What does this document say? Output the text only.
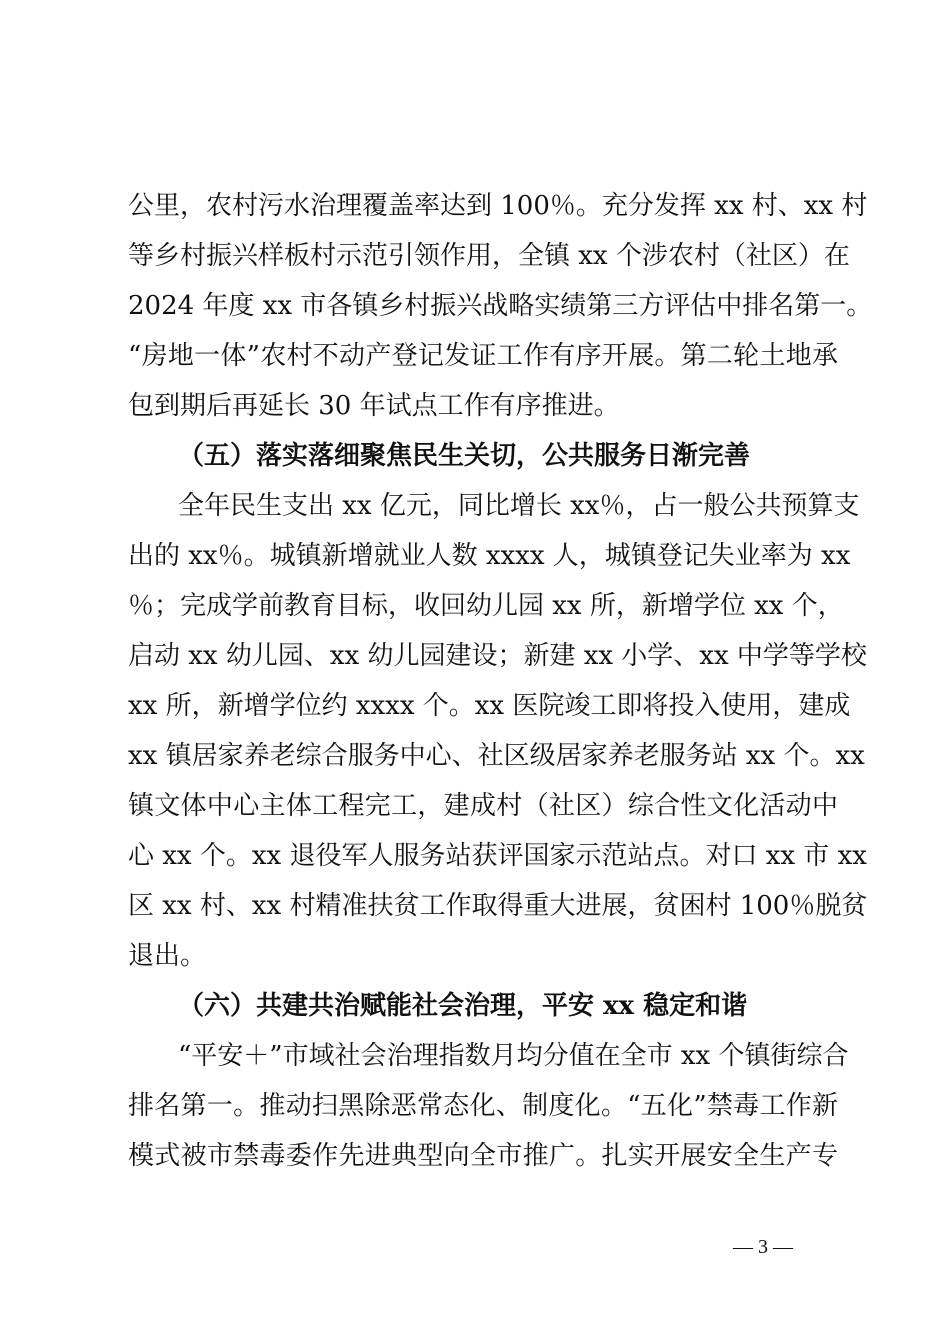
公里，农村污水治理覆盖率达到 100％。充分发挥 xx 村、xx 村
等乡村振兴样板村示范引领作用，全镇 xx 个涉农村（社区）在
2024 年度 xx 市各镇乡村振兴战略实绩第三方评估中排名第一。
“房地一体”农村不动产登记发证工作有序开展。第二轮土地承
包到期后再延长 30 年试点工作有序推进。
（五）落实落细聚焦民生关切，公共服务日渐完善
全年民生支出 xx 亿元，同比增长 xx％，占一般公共预算支
出的 xx％。城镇新增就业人数 xxxx 人，城镇登记失业率为 xx
％；完成学前教育目标，收回幼儿园 xx 所，新增学位 xx 个，
启动 xx 幼儿园、xx 幼儿园建设；新建 xx 小学、xx 中学等学校
xx 所，新增学位约 xxxx 个。xx 医院竣工即将投入使用，建成
xx 镇居家养老综合服务中心、社区级居家养老服务站 xx 个。xx
镇文体中心主体工程完工，建成村（社区）综合性文化活动中
心 xx 个。xx 退役军人服务站获评国家示范站点。对口 xx 市 xx
区 xx 村、xx 村精准扶贫工作取得重大进展，贫困村 100％脱贫
退出。
（六）共建共治赋能社会治理，平安 xx 稳定和谐
“平安＋”市域社会治理指数月均分值在全市 xx 个镇街综合
排名第一。推动扫黑除恶常态化、制度化。“五化”禁毒工作新
模式被市禁毒委作先进典型向全市推广。扎实开展安全生产专
— 3 —
